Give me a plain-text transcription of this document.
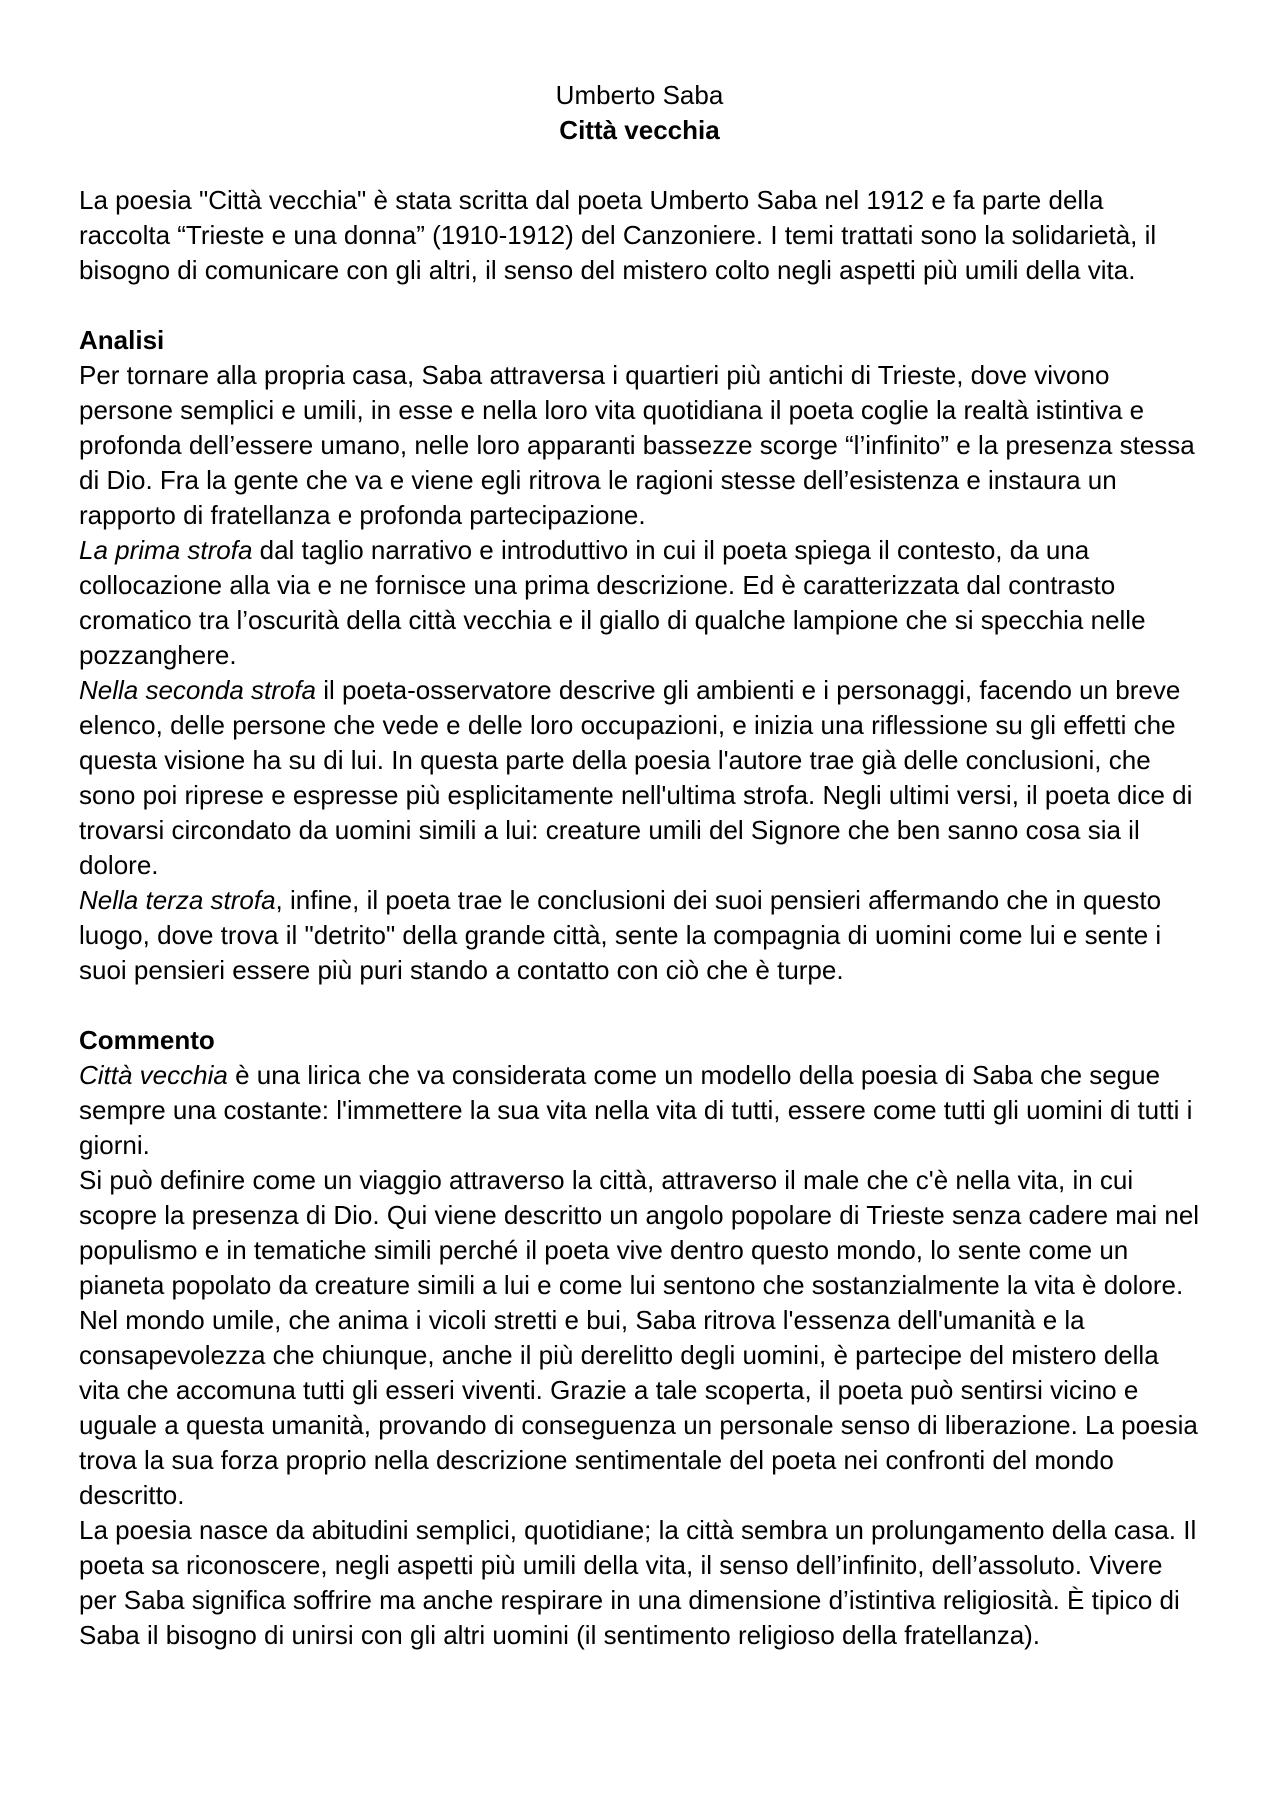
Umberto Saba
Città vecchia

La poesia "Città vecchia" è stata scritta dal poeta Umberto Saba nel 1912 e fa parte della raccolta “Trieste e una donna” (1910-1912) del Canzoniere. I temi trattati sono la solidarietà, il bisogno di comunicare con gli altri, il senso del mistero colto negli aspetti più umili della vita.

Analisi

Per tornare alla propria casa, Saba attraversa i quartieri più antichi di Trieste, dove vivono persone semplici e umili, in esse e nella loro vita quotidiana il poeta coglie la realtà istintiva e profonda dell’essere umano, nelle loro apparanti bassezze scorge “l’infinito” e la presenza stessa di Dio. Fra la gente che va e viene egli ritrova le ragioni stesse dell’esistenza e instaura un rapporto di fratellanza e profonda partecipazione.

La prima strofa dal taglio narrativo e introduttivo in cui il poeta spiega il contesto, da una collocazione alla via e ne fornisce una prima descrizione. Ed è caratterizzata dal contrasto cromatico tra l’oscurità della città vecchia e il giallo di qualche lampione che si specchia nelle pozzanghere.

Nella seconda strofa il poeta-osservatore descrive gli ambienti e i personaggi, facendo un breve elenco, delle persone che vede e delle loro occupazioni, e inizia una riflessione su gli effetti che questa visione ha su di lui. In questa parte della poesia l'autore trae già delle conclusioni, che sono poi riprese e espresse più esplicitamente nell'ultima strofa. Negli ultimi versi, il poeta dice di trovarsi circondato da uomini simili a lui: creature umili del Signore che ben sanno cosa sia il dolore.

Nella terza strofa, infine, il poeta trae le conclusioni dei suoi pensieri affermando che in questo luogo, dove trova il "detrito" della grande città, sente la compagnia di uomini come lui e sente i suoi pensieri essere più puri stando a contatto con ciò che è turpe.

Commento

Città vecchia è una lirica che va considerata come un modello della poesia di Saba che segue sempre una costante: l'immettere la sua vita nella vita di tutti, essere come tutti gli uomini di tutti i giorni.

Si può definire come un viaggio attraverso la città, attraverso il male che c'è nella vita, in cui scopre la presenza di Dio. Qui viene descritto un angolo popolare di Trieste senza cadere mai nel populismo e in tematiche simili perché il poeta vive dentro questo mondo, lo sente come un pianeta popolato da creature simili a lui e come lui sentono che sostanzialmente la vita è dolore. Nel mondo umile, che anima i vicoli stretti e bui, Saba ritrova l'essenza dell'umanità e la consapevolezza che chiunque, anche il più derelitto degli uomini, è partecipe del mistero della vita che accomuna tutti gli esseri viventi. Grazie a tale scoperta, il poeta può sentirsi vicino e uguale a questa umanità, provando di conseguenza un personale senso di liberazione. La poesia trova la sua forza proprio nella descrizione sentimentale del poeta nei confronti del mondo descritto.

La poesia nasce da abitudini semplici, quotidiane; la città sembra un prolungamento della casa. Il poeta sa riconoscere, negli aspetti più umili della vita, il senso dell’infinito, dell’assoluto. Vivere per Saba significa soffrire ma anche respirare in una dimensione d’istintiva religiosità. È tipico di Saba il bisogno di unirsi con gli altri uomini (il sentimento religioso della fratellanza).
